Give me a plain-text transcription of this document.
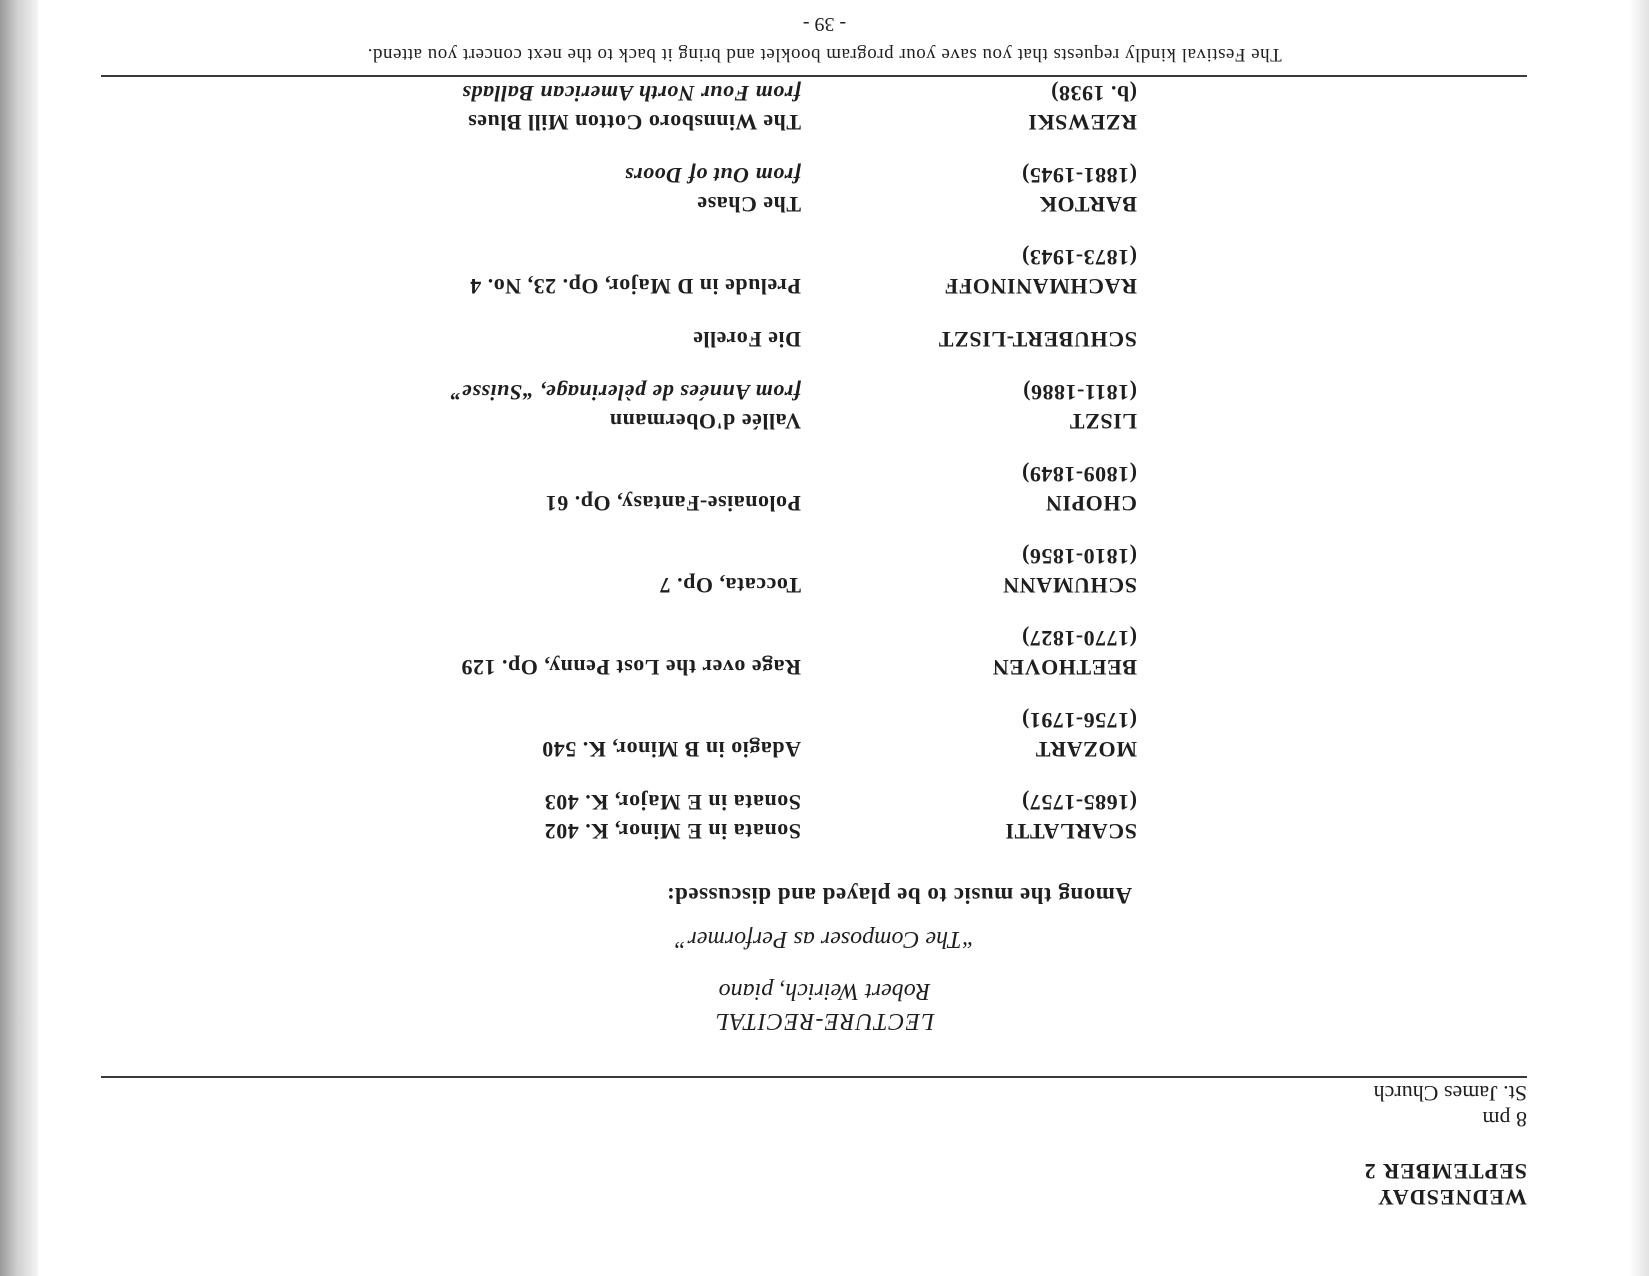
WEDNESDAY
SEPTEMBER 2
8 pm
St. James Church
LECTURE-RECITAL
Robert Weirich, piano
“The Composer as Performer”
Among the music to be played and discussed:
SCARLATTI
(1685-1757)
Sonata in E Minor, K. 402
Sonata in E Major, K. 403
MOZART
(1756-1791)
Adagio in B Minor, K. 540
BEETHOVEN
(1770-1827)
Rage over the Lost Penny, Op. 129
SCHUMANN
(1810-1856)
Toccata, Op. 7
CHOPIN
(1809-1849)
Polonaise-Fantasy, Op. 61
LISZT
(1811-1886)
Vallée d'Obermann
from Années de pèlerinage, “Suisse”
SCHUBERT-LISZT
Die Forelle
RACHMANINOFF
(1873-1943)
Prelude in D Major, Op. 23, No. 4
BARTOK
(1881-1945)
The Chase
from Out of Doors
RZEWSKI
(b. 1938)
The Winnsboro Cotton Mill Blues
from Four North American Ballads
The Festival kindly requests that you save your program booklet and bring it back to the next concert you attend.
- 39 -
